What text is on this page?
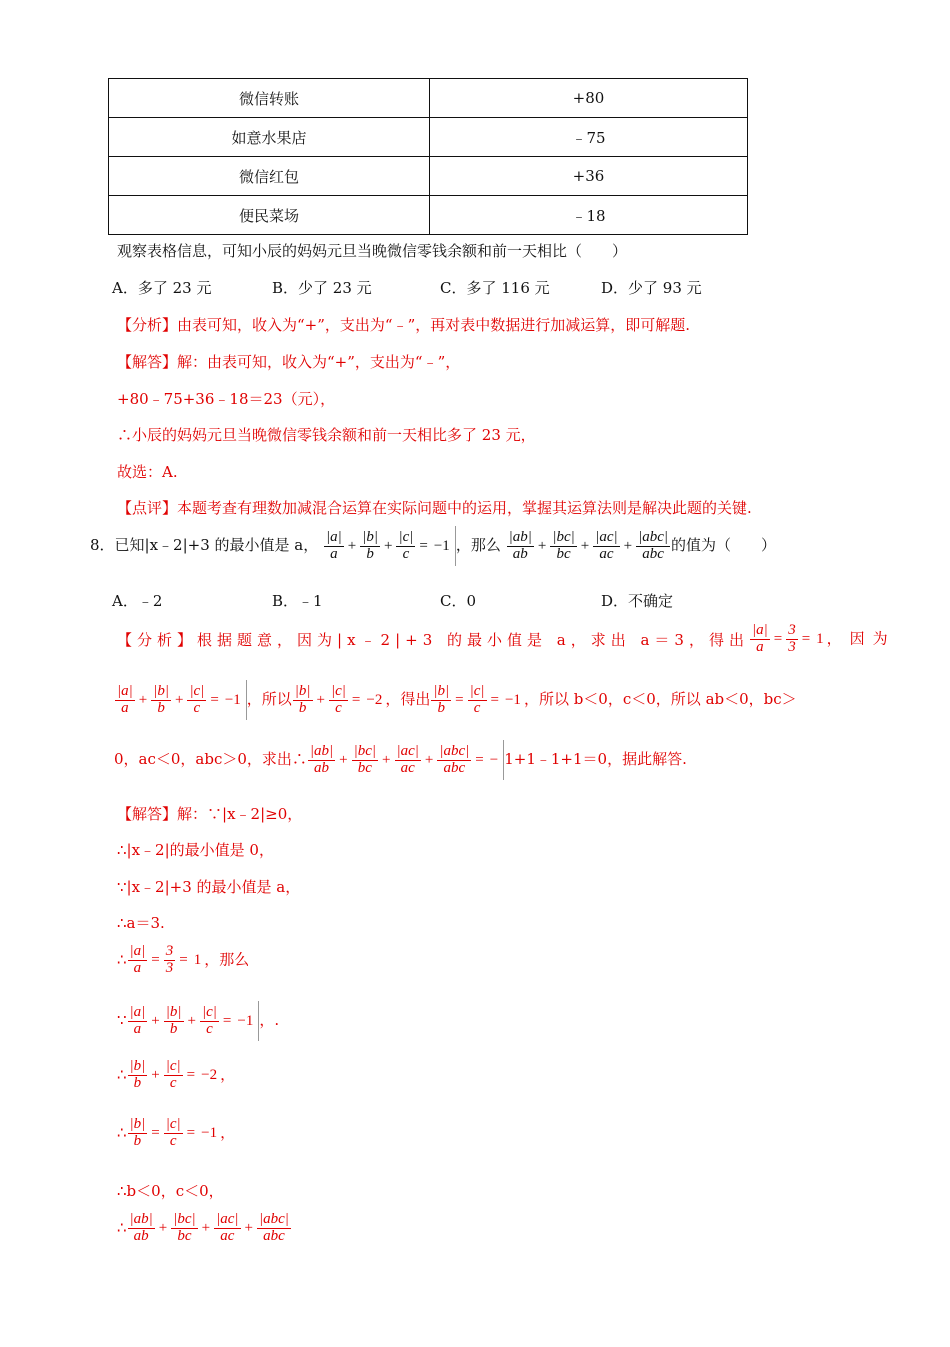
微信转账	+80
如意水果店	﹣75
微信红包	+36
便民菜场	﹣18
观察表格信息，可知小辰的妈妈元旦当晚微信零钱余额和前一天相比（　　）
A．多了 23 元	B．少了 23 元	C．多了 116 元	D．少了 93 元
【分析】由表可知，收入为“+”，支出为“﹣”，再对表中数据进行加减运算，即可解题.
【解答】解：由表可知，收入为“+”，支出为“﹣”，
+80﹣75+36﹣18＝23（元），
∴小辰的妈妈元旦当晚微信零钱余额和前一天相比多了 23 元，
故选：A.
【点评】本题考查有理数加减混合运算在实际问题中的运用，掌握其运算法则是解决此题的关键.
8．已知|x﹣2|+3 的最小值是 a， $\frac{|a|}{a} + \frac{|b|}{b} + \frac{|c|}{c} = -1$ ，那么 $\frac{|ab|}{ab} + \frac{|bc|}{bc} + \frac{|ac|}{ac}$ +
|abc|
abc 的值为（　　）
A．﹣2	B．﹣1	C．0	D．不确定
【分析】根据题意，因为|x﹣2|+3 的最小值是 a，求出 a＝3，得出 $\frac{|a|}{a} = \frac{3}{3} = 1$ ，因为
$\frac{|a|}{a} + \frac{|b|}{b} + \frac{|c|}{c} = -1$ ，所以 $\frac{|b|}{b} + \frac{|c|}{c} = -2$ ，得出 $\frac{|b|}{b} = \frac{|c|}{c} = -1$ ，所以 b＜0，c＜0，所以 ab＜0，bc＞
0，ac＜0，abc＞0，求出∴ $\frac{|ab|}{ab} + \frac{|bc|}{bc} + \frac{|ac|}{ac}$ +
|abc|
abc = − 1+1﹣1+1＝0，据此解答.
【解答】解：∵|x﹣2|≥0，
∴|x﹣2|的最小值是 0，
∵|x﹣2|+3 的最小值是 a，
∴a＝3.
∴ $\frac{|a|}{a} = \frac{3}{3} = 1$ ，那么
∵ $\frac{|a|}{a} + \frac{|b|}{b} + \frac{|c|}{c} = -1$ ，.
∴ $\frac{|b|}{b} + \frac{|c|}{c} = -2$ ，
∴ $\frac{|b|}{b} = \frac{|c|}{c} = -1$ ，
∴b＜0，c＜0，
∴ $\frac{|ab|}{ab} + \frac{|bc|}{bc} + \frac{|ac|}{ac}$ +
|abc|
abc
